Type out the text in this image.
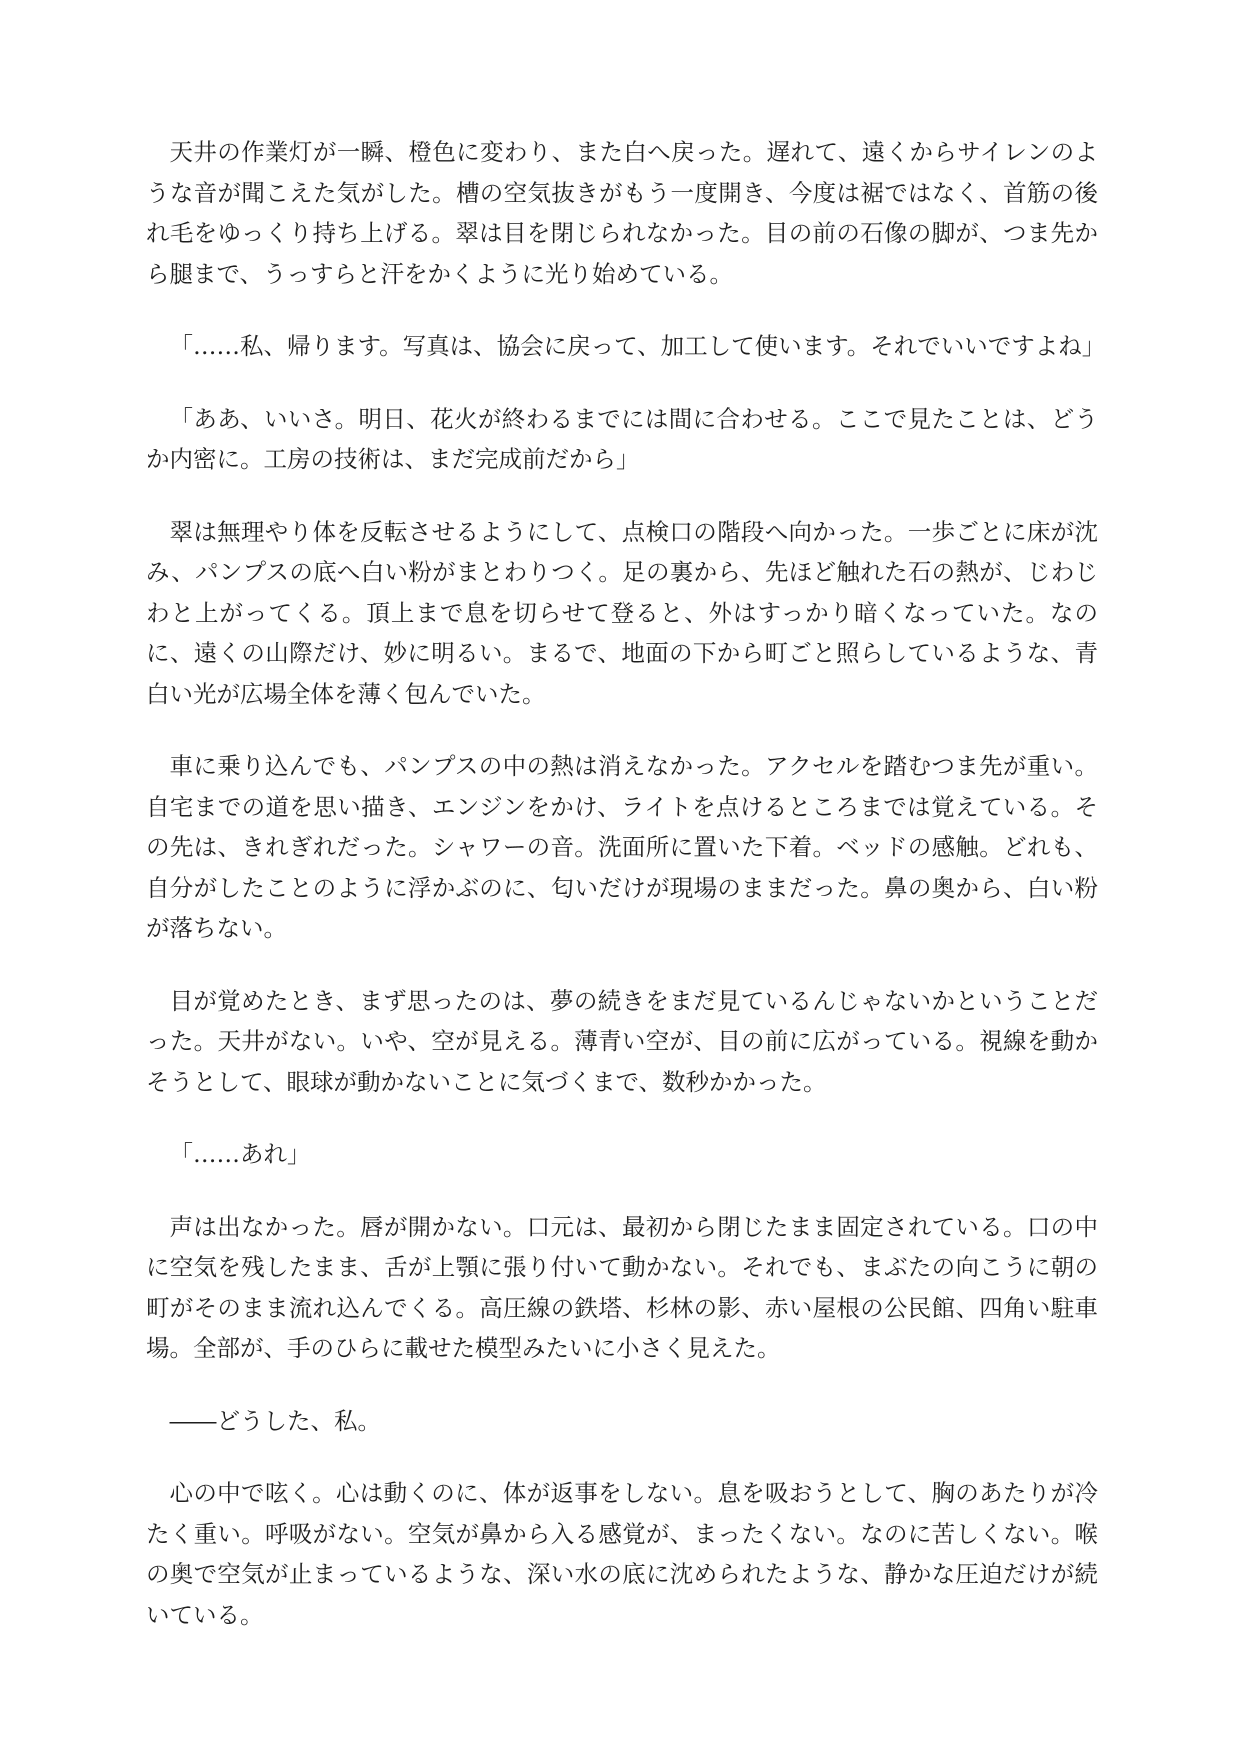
天井の作業灯が一瞬、橙色に変わり、また白へ戻った。遅れて、遠くからサイレンのような音が聞こえた気がした。槽の空気抜きがもう一度開き、今度は裾ではなく、首筋の後れ毛をゆっくり持ち上げる。翠は目を閉じられなかった。目の前の石像の脚が、つま先から腿まで、うっすらと汗をかくように光り始めている。

「……私、帰ります。写真は、協会に戻って、加工して使います。それでいいですよね」

「ああ、いいさ。明日、花火が終わるまでには間に合わせる。ここで見たことは、どうか内密に。工房の技術は、まだ完成前だから」

翠は無理やり体を反転させるようにして、点検口の階段へ向かった。一歩ごとに床が沈み、パンプスの底へ白い粉がまとわりつく。足の裏から、先ほど触れた石の熱が、じわじわと上がってくる。頂上まで息を切らせて登ると、外はすっかり暗くなっていた。なのに、遠くの山際だけ、妙に明るい。まるで、地面の下から町ごと照らしているような、青白い光が広場全体を薄く包んでいた。

車に乗り込んでも、パンプスの中の熱は消えなかった。アクセルを踏むつま先が重い。自宅までの道を思い描き、エンジンをかけ、ライトを点けるところまでは覚えている。その先は、きれぎれだった。シャワーの音。洗面所に置いた下着。ベッドの感触。どれも、自分がしたことのように浮かぶのに、匂いだけが現場のままだった。鼻の奥から、白い粉が落ちない。

目が覚めたとき、まず思ったのは、夢の続きをまだ見ているんじゃないかということだった。天井がない。いや、空が見える。薄青い空が、目の前に広がっている。視線を動かそうとして、眼球が動かないことに気づくまで、数秒かかった。

「……あれ」

声は出なかった。唇が開かない。口元は、最初から閉じたまま固定されている。口の中に空気を残したまま、舌が上顎に張り付いて動かない。それでも、まぶたの向こうに朝の町がそのまま流れ込んでくる。高圧線の鉄塔、杉林の影、赤い屋根の公民館、四角い駐車場。全部が、手のひらに載せた模型みたいに小さく見えた。

――どうした、私。

心の中で呟く。心は動くのに、体が返事をしない。息を吸おうとして、胸のあたりが冷たく重い。呼吸がない。空気が鼻から入る感覚が、まったくない。なのに苦しくない。喉の奥で空気が止まっているような、深い水の底に沈められたような、静かな圧迫だけが続いている。
